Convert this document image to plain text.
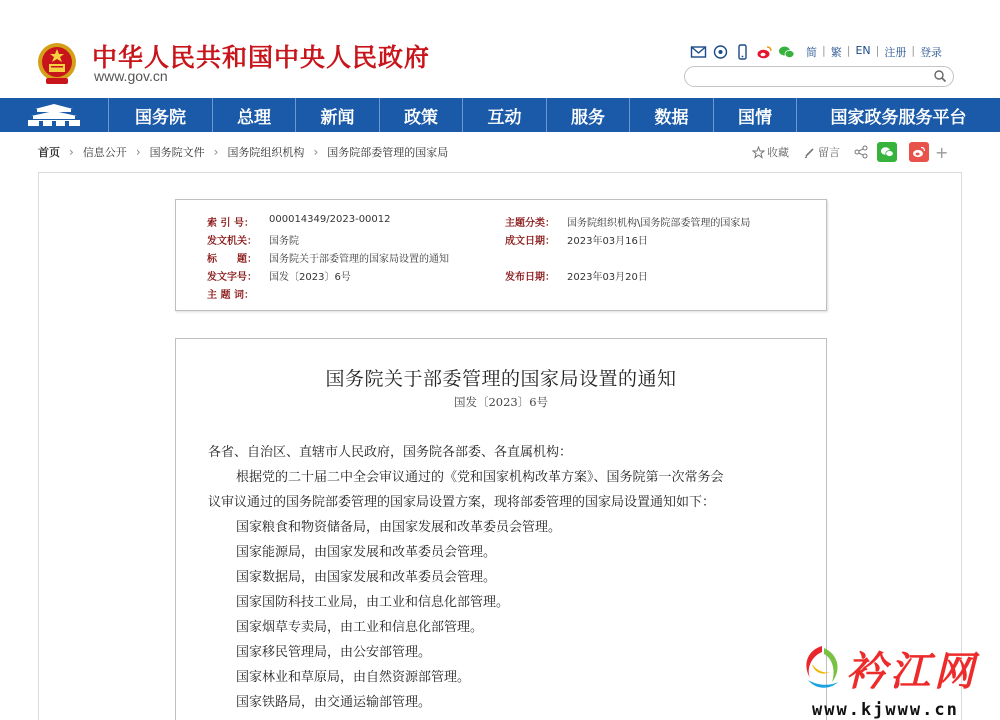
中华人民共和国中央人民政府
www.gov.cn
简 | 繁 | EN | 注册 | 登录
国务院	总理	新闻	政策	互动	服务	数据	国情	国家政务服务平台
首页 › 信息公开 › 国务院文件 › 国务院组织机构 › 国务院部委管理的国家局	收藏	留言	+
索 引 号：	000014349/2023-00012	主题分类：	国务院组织机构\国务院部委管理的国家局
发文机关：	国务院	成文日期：	2023年03月16日
标　　题：	国务院关于部委管理的国家局设置的通知
发文字号：	国发〔2023〕6号	发布日期：	2023年03月20日
主 题 词：
国务院关于部委管理的国家局设置的通知
国发〔2023〕6号
各省、自治区、直辖市人民政府，国务院各部委、各直属机构：
根据党的二十届二中全会审议通过的《党和国家机构改革方案》、国务院第一次常务会
议审议通过的国务院部委管理的国家局设置方案，现将部委管理的国家局设置通知如下：
国家粮食和物资储备局，由国家发展和改革委员会管理。
国家能源局，由国家发展和改革委员会管理。
国家数据局，由国家发展和改革委员会管理。
国家国防科技工业局，由工业和信息化部管理。
国家烟草专卖局，由工业和信息化部管理。
国家移民管理局，由公安部管理。
国家林业和草原局，由自然资源部管理。
国家铁路局，由交通运输部管理。
衿江网
www.kjwww.cn
